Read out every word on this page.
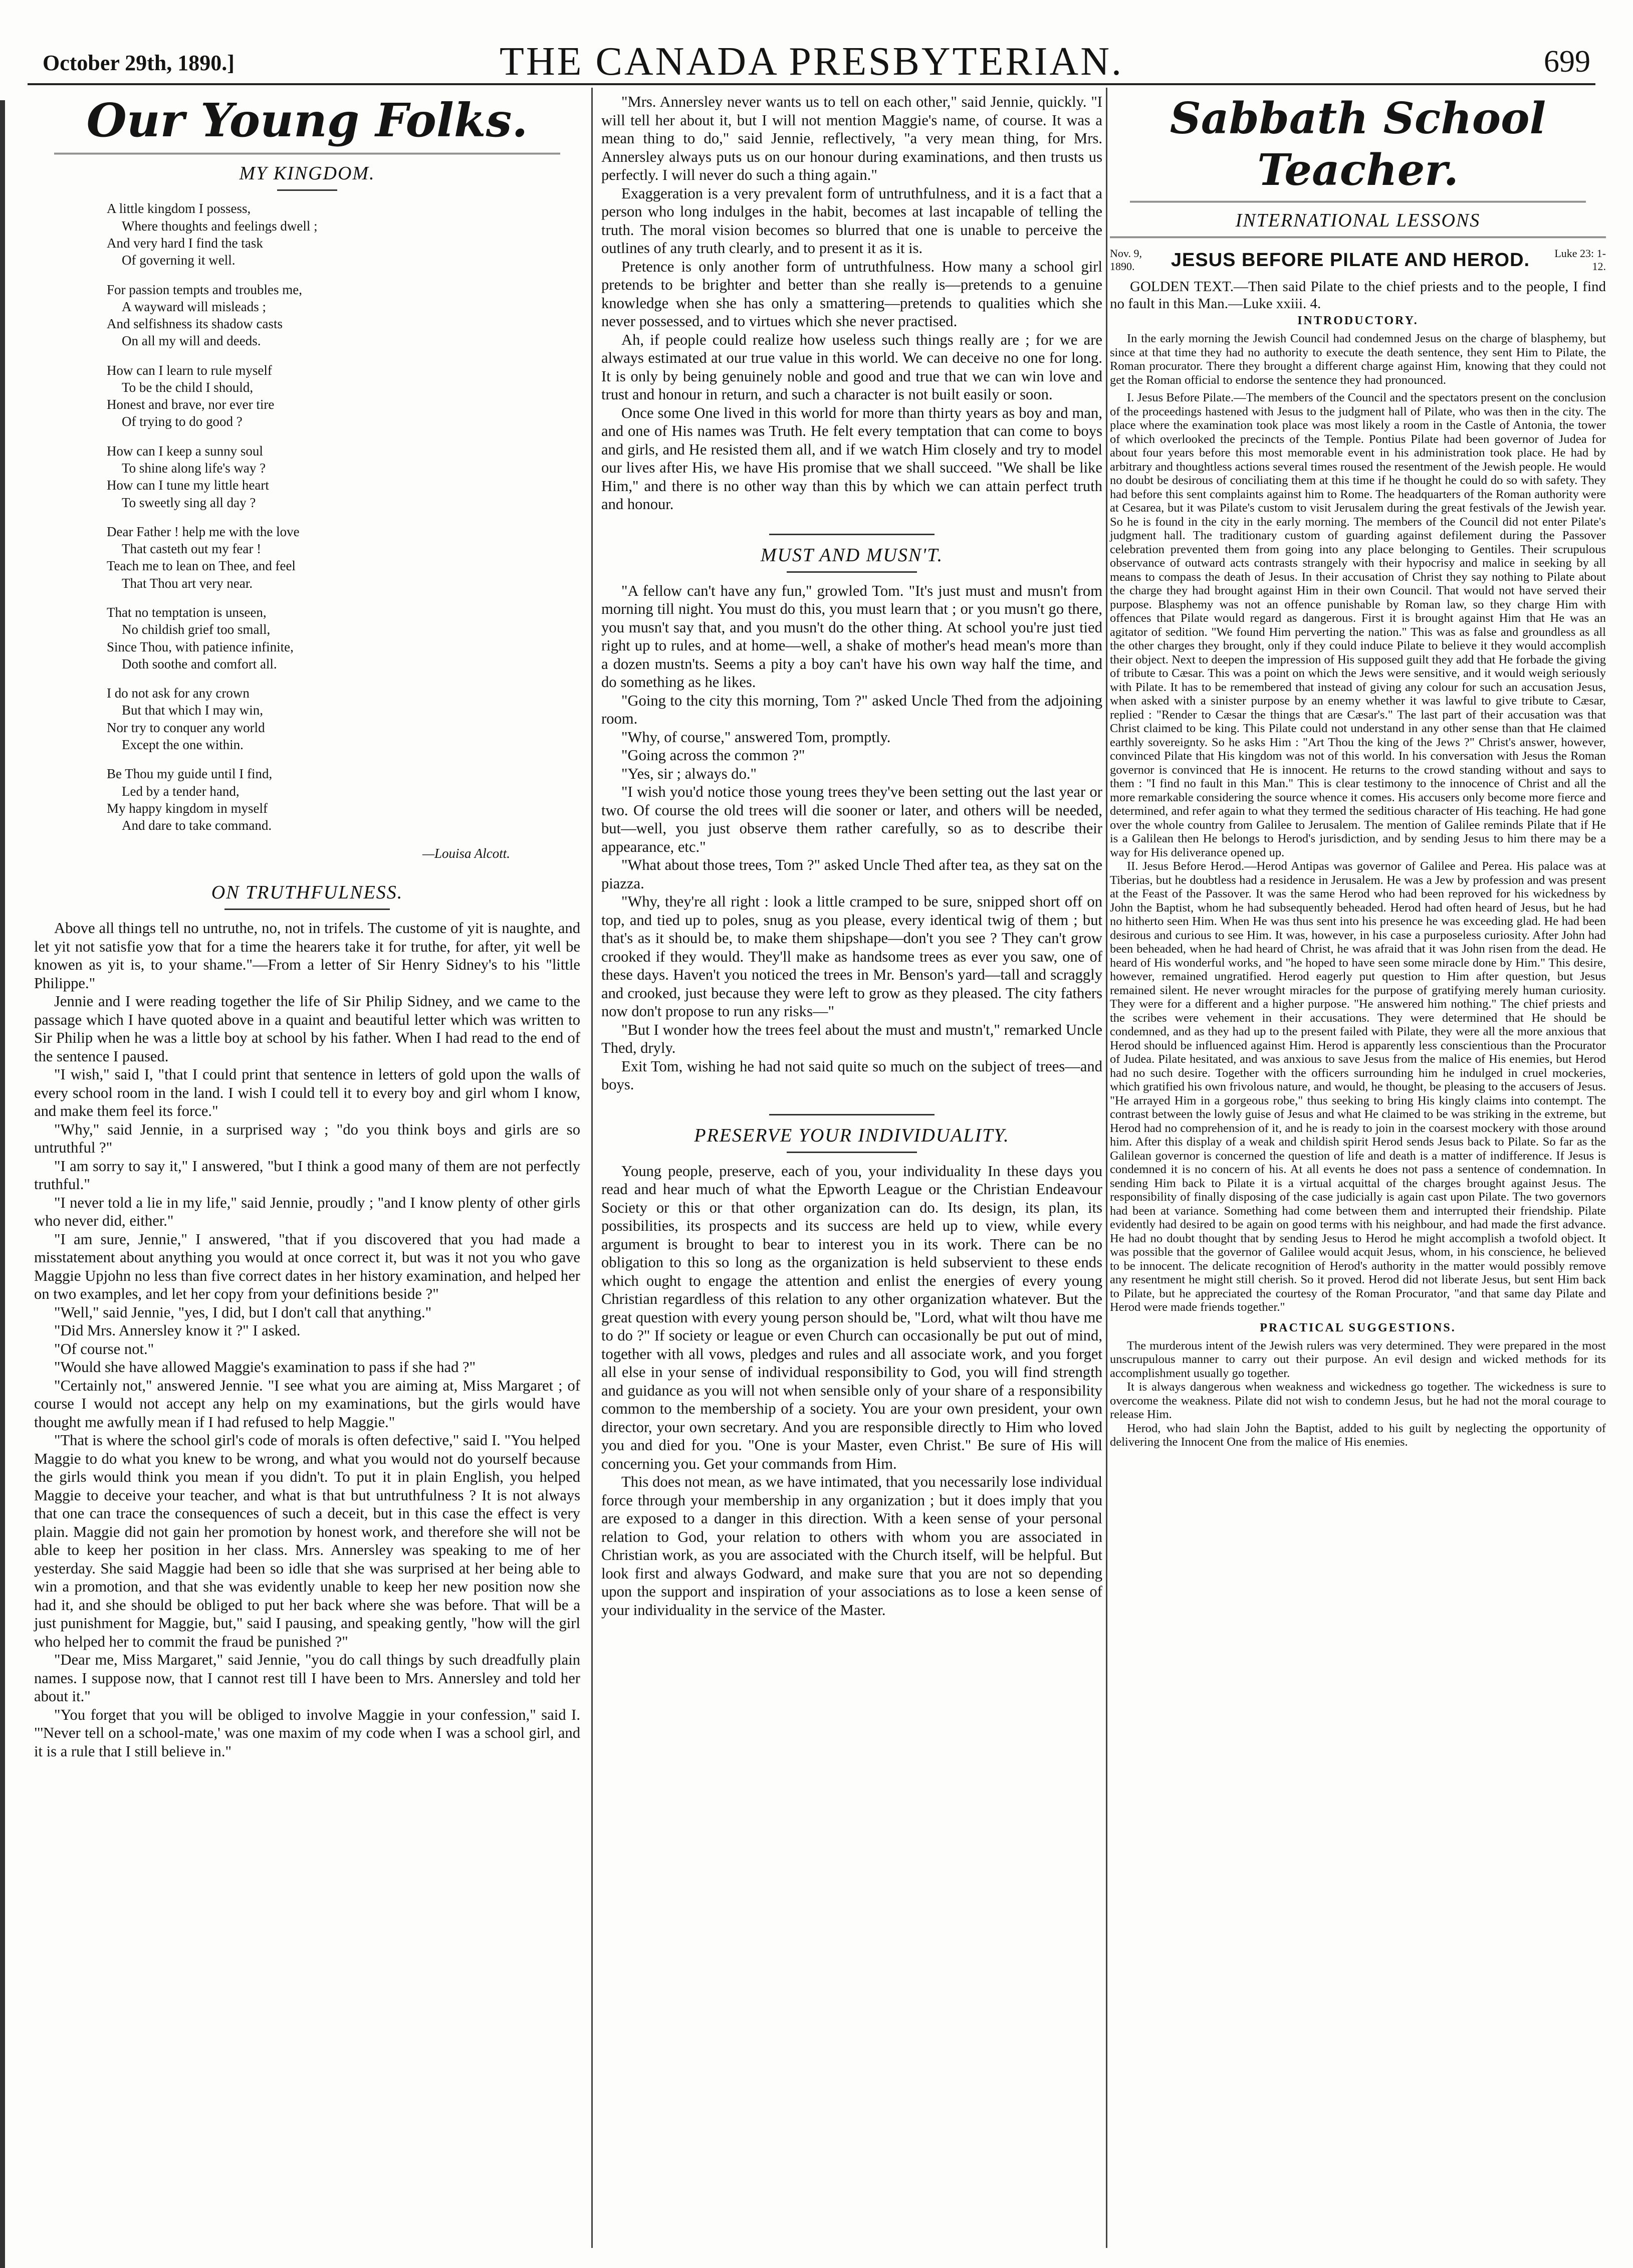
October 29th, 1890.]	THE CANADA PRESBYTERIAN.	699
Our Young Folks.
MY KINGDOM.
A little kingdom I possess,
Where thoughts and feelings dwell ;
And very hard I find the task
Of governing it well.
For passion tempts and troubles me,
A wayward will misleads ;
And selfishness its shadow casts
On all my will and deeds.
How can I learn to rule myself
To be the child I should,
Honest and brave, nor ever tire
Of trying to do good ?
How can I keep a sunny soul
To shine along life's way ?
How can I tune my little heart
To sweetly sing all day ?
Dear Father ! help me with the love
That casteth out my fear !
Teach me to lean on Thee, and feel
That Thou art very near.
That no temptation is unseen,
No childish grief too small,
Since Thou, with patience infinite,
Doth soothe and comfort all.
I do not ask for any crown
But that which I may win,
Nor try to conquer any world
Except the one within.
Be Thou my guide until I find,
Led by a tender hand,
My happy kingdom in myself
And dare to take command.
—Louisa Alcott.
ON TRUTHFULNESS.

Above all things tell no untruthe, no, not in trifels. The custome of yit is naughte, and let yit not satisfie yow that for a time the hearers take it for truthe, for after, yit well be knowen as yit is, to your shame."—From a letter of Sir Henry Sidney's to his "little Philippe."

Jennie and I were reading together the life of Sir Philip Sidney, and we came to the passage which I have quoted above in a quaint and beautiful letter which was written to Sir Philip when he was a little boy at school by his father. When I had read to the end of the sentence I paused.

"I wish," said I, "that I could print that sentence in letters of gold upon the walls of every school room in the land. I wish I could tell it to every boy and girl whom I know, and make them feel its force."

"Why," said Jennie, in a surprised way ; "do you think boys and girls are so untruthful ?"

"I am sorry to say it," I answered, "but I think a good many of them are not perfectly truthful."

"I never told a lie in my life," said Jennie, proudly ; "and I know plenty of other girls who never did, either."

"I am sure, Jennie," I answered, "that if you discovered that you had made a misstatement about anything you would at once correct it, but was it not you who gave Maggie Upjohn no less than five correct dates in her history examination, and helped her on two examples, and let her copy from your definitions beside ?"

"Well," said Jennie, "yes, I did, but I don't call that anything."

"Did Mrs. Annersley know it ?" I asked.

"Of course not."

"Would she have allowed Maggie's examination to pass if she had ?"

"Certainly not," answered Jennie. "I see what you are aiming at, Miss Margaret ; of course I would not accept any help on my examinations, but the girls would have thought me awfully mean if I had refused to help Maggie."

"That is where the school girl's code of morals is often defective," said I. "You helped Maggie to do what you knew to be wrong, and what you would not do yourself because the girls would think you mean if you didn't. To put it in plain English, you helped Maggie to deceive your teacher, and what is that but untruthfulness ? It is not always that one can trace the consequences of such a deceit, but in this case the effect is very plain. Maggie did not gain her promotion by honest work, and therefore she will not be able to keep her position in her class. Mrs. Annersley was speaking to me of her yesterday. She said Maggie had been so idle that she was surprised at her being able to win a promotion, and that she was evidently unable to keep her new position now she had it, and she should be obliged to put her back where she was before. That will be a just punishment for Maggie, but," said I pausing, and speaking gently, "how will the girl who helped her to commit the fraud be punished ?"

"Dear me, Miss Margaret," said Jennie, "you do call things by such dreadfully plain names. I suppose now, that I cannot rest till I have been to Mrs. Annersley and told her about it."

"You forget that you will be obliged to involve Maggie in your confession," said I. "'Never tell on a school-mate,' was one maxim of my code when I was a school girl, and it is a rule that I still believe in."

"Mrs. Annersley never wants us to tell on each other," said Jennie, quickly. "I will tell her about it, but I will not mention Maggie's name, of course. It was a mean thing to do," said Jennie, reflectively, "a very mean thing, for Mrs. Annersley always puts us on our honour during examinations, and then trusts us perfectly. I will never do such a thing again."

Exaggeration is a very prevalent form of untruthfulness, and it is a fact that a person who long indulges in the habit, becomes at last incapable of telling the truth. The moral vision becomes so blurred that one is unable to perceive the outlines of any truth clearly, and to present it as it is.

Pretence is only another form of untruthfulness. How many a school girl pretends to be brighter and better than she really is—pretends to a genuine knowledge when she has only a smattering—pretends to qualities which she never possessed, and to virtues which she never practised.

Ah, if people could realize how useless such things really are ; for we are always estimated at our true value in this world. We can deceive no one for long. It is only by being genuinely noble and good and true that we can win love and trust and honour in return, and such a character is not built easily or soon.

Once some One lived in this world for more than thirty years as boy and man, and one of His names was Truth. He felt every temptation that can come to boys and girls, and He resisted them all, and if we watch Him closely and try to model our lives after His, we have His promise that we shall succeed. "We shall be like Him," and there is no other way than this by which we can attain perfect truth and honour.

MUST AND MUSN'T.

"A fellow can't have any fun," growled Tom. "It's just must and musn't from morning till night. You must do this, you must learn that ; or you musn't go there, you musn't say that, and you musn't do the other thing. At school you're just tied right up to rules, and at home—well, a shake of mother's head mean's more than a dozen mustn'ts. Seems a pity a boy can't have his own way half the time, and do something as he likes.

"Going to the city this morning, Tom ?" asked Uncle Thed from the adjoining room.

"Why, of course," answered Tom, promptly.

"Going across the common ?"

"Yes, sir ; always do."

"I wish you'd notice those young trees they've been setting out the last year or two. Of course the old trees will die sooner or later, and others will be needed, but—well, you just observe them rather carefully, so as to describe their appearance, etc."

"What about those trees, Tom ?" asked Uncle Thed after tea, as they sat on the piazza.

"Why, they're all right : look a little cramped to be sure, snipped short off on top, and tied up to poles, snug as you please, every identical twig of them ; but that's as it should be, to make them shipshape—don't you see ? They can't grow crooked if they would. They'll make as handsome trees as ever you saw, one of these days. Haven't you noticed the trees in Mr. Benson's yard—tall and scraggly and crooked, just because they were left to grow as they pleased. The city fathers now don't propose to run any risks—"

"But I wonder how the trees feel about the must and mustn't," remarked Uncle Thed, dryly.

Exit Tom, wishing he had not said quite so much on the subject of trees—and boys.

PRESERVE YOUR INDIVIDUALITY.

Young people, preserve, each of you, your individuality In these days you read and hear much of what the Epworth League or the Christian Endeavour Society or this or that other organization can do. Its design, its plan, its possibilities, its prospects and its success are held up to view, while every argument is brought to bear to interest you in its work. There can be no obligation to this so long as the organization is held subservient to these ends which ought to engage the attention and enlist the energies of every young Christian regardless of this relation to any other organization whatever. But the great question with every young person should be, "Lord, what wilt thou have me to do ?" If society or league or even Church can occasionally be put out of mind, together with all vows, pledges and rules and all associate work, and you forget all else in your sense of individual responsibility to God, you will find strength and guidance as you will not when sensible only of your share of a responsibility common to the membership of a society. You are your own president, your own director, your own secretary. And you are responsible directly to Him who loved you and died for you. "One is your Master, even Christ." Be sure of His will concerning you. Get your commands from Him.

This does not mean, as we have intimated, that you necessarily lose individual force through your membership in any organization ; but it does imply that you are exposed to a danger in this direction. With a keen sense of your personal relation to God, your relation to others with whom you are associated in Christian work, as you are associated with the Church itself, will be helpful. But look first and always Godward, and make sure that you are not so depending upon the support and inspiration of your associations as to lose a keen sense of your individuality in the service of the Master.

Sabbath School Teacher.
INTERNATIONAL LESSONS
Nov. 9, 1890.	JESUS BEFORE PILATE AND HEROD.	Luke 23: 1-12.

GOLDEN TEXT.—Then said Pilate to the chief priests and to the people, I find no fault in this Man.—Luke xxiii. 4.

INTRODUCTORY.

In the early morning the Jewish Council had condemned Jesus on the charge of blasphemy, but since at that time they had no authority to execute the death sentence, they sent Him to Pilate, the Roman procurator. There they brought a different charge against Him, knowing that they could not get the Roman official to endorse the sentence they had pronounced.

I. Jesus Before Pilate.—The members of the Council and the spectators present on the conclusion of the proceedings hastened with Jesus to the judgment hall of Pilate, who was then in the city. The place where the examination took place was most likely a room in the Castle of Antonia, the tower of which overlooked the precincts of the Temple. Pontius Pilate had been governor of Judea for about four years before this most memorable event in his administration took place. He had by arbitrary and thoughtless actions several times roused the resentment of the Jewish people. He would no doubt be desirous of conciliating them at this time if he thought he could do so with safety. They had before this sent complaints against him to Rome. The headquarters of the Roman authority were at Cesarea, but it was Pilate's custom to visit Jerusalem during the great festivals of the Jewish year. So he is found in the city in the early morning. The members of the Council did not enter Pilate's judgment hall. The traditionary custom of guarding against defilement during the Passover celebration prevented them from going into any place belonging to Gentiles. Their scrupulous observance of outward acts contrasts strangely with their hypocrisy and malice in seeking by all means to compass the death of Jesus. In their accusation of Christ they say nothing to Pilate about the charge they had brought against Him in their own Council. That would not have served their purpose. Blasphemy was not an offence punishable by Roman law, so they charge Him with offences that Pilate would regard as dangerous. First it is brought against Him that He was an agitator of sedition. "We found Him perverting the nation." This was as false and groundless as all the other charges they brought, only if they could induce Pilate to believe it they would accomplish their object. Next to deepen the impression of His supposed guilt they add that He forbade the giving of tribute to Cæsar. This was a point on which the Jews were sensitive, and it would weigh seriously with Pilate. It has to be remembered that instead of giving any colour for such an accusation Jesus, when asked with a sinister purpose by an enemy whether it was lawful to give tribute to Cæsar, replied : "Render to Cæsar the things that are Cæsar's." The last part of their accusation was that Christ claimed to be king. This Pilate could not understand in any other sense than that He claimed earthly sovereignty. So he asks Him : "Art Thou the king of the Jews ?" Christ's answer, however, convinced Pilate that His kingdom was not of this world. In his conversation with Jesus the Roman governor is convinced that He is innocent. He returns to the crowd standing without and says to them : "I find no fault in this Man." This is clear testimony to the innocence of Christ and all the more remarkable considering the source whence it comes. His accusers only become more fierce and determined, and refer again to what they termed the seditious character of His teaching. He had gone over the whole country from Galilee to Jerusalem. The mention of Galilee reminds Pilate that if He is a Galilean then He belongs to Herod's jurisdiction, and by sending Jesus to him there may be a way for His deliverance opened up.

II. Jesus Before Herod.—Herod Antipas was governor of Galilee and Perea. His palace was at Tiberias, but he doubtless had a residence in Jerusalem. He was a Jew by profession and was present at the Feast of the Passover. It was the same Herod who had been reproved for his wickedness by John the Baptist, whom he had subsequently beheaded. Herod had often heard of Jesus, but he had no hitherto seen Him. When He was thus sent into his presence he was exceeding glad. He had been desirous and curious to see Him. It was, however, in his case a purposeless curiosity. After John had been beheaded, when he had heard of Christ, he was afraid that it was John risen from the dead. He heard of His wonderful works, and "he hoped to have seen some miracle done by Him." This desire, however, remained ungratified. Herod eagerly put question to Him after question, but Jesus remained silent. He never wrought miracles for the purpose of gratifying merely human curiosity. They were for a different and a higher purpose. "He answered him nothing." The chief priests and the scribes were vehement in their accusations. They were determined that He should be condemned, and as they had up to the present failed with Pilate, they were all the more anxious that Herod should be influenced against Him. Herod is apparently less conscientious than the Procurator of Judea. Pilate hesitated, and was anxious to save Jesus from the malice of His enemies, but Herod had no such desire. Together with the officers surrounding him he indulged in cruel mockeries, which gratified his own frivolous nature, and would, he thought, be pleasing to the accusers of Jesus. "He arrayed Him in a gorgeous robe," thus seeking to bring His kingly claims into contempt. The contrast between the lowly guise of Jesus and what He claimed to be was striking in the extreme, but Herod had no comprehension of it, and he is ready to join in the coarsest mockery with those around him. After this display of a weak and childish spirit Herod sends Jesus back to Pilate. So far as the Galilean governor is concerned the question of life and death is a matter of indifference. If Jesus is condemned it is no concern of his. At all events he does not pass a sentence of condemnation. In sending Him back to Pilate it is a virtual acquittal of the charges brought against Jesus. The responsibility of finally disposing of the case judicially is again cast upon Pilate. The two governors had been at variance. Something had come between them and interrupted their friendship. Pilate evidently had desired to be again on good terms with his neighbour, and had made the first advance. He had no doubt thought that by sending Jesus to Herod he might accomplish a twofold object. It was possible that the governor of Galilee would acquit Jesus, whom, in his conscience, he believed to be innocent. The delicate recognition of Herod's authority in the matter would possibly remove any resentment he might still cherish. So it proved. Herod did not liberate Jesus, but sent Him back to Pilate, but he appreciated the courtesy of the Roman Procurator, "and that same day Pilate and Herod were made friends together."

PRACTICAL SUGGESTIONS.

The murderous intent of the Jewish rulers was very determined. They were prepared in the most unscrupulous manner to carry out their purpose. An evil design and wicked methods for its accomplishment usually go together.

It is always dangerous when weakness and wickedness go together. The wickedness is sure to overcome the weakness. Pilate did not wish to condemn Jesus, but he had not the moral courage to release Him.

Herod, who had slain John the Baptist, added to his guilt by neglecting the opportunity of delivering the Innocent One from the malice of His enemies.
